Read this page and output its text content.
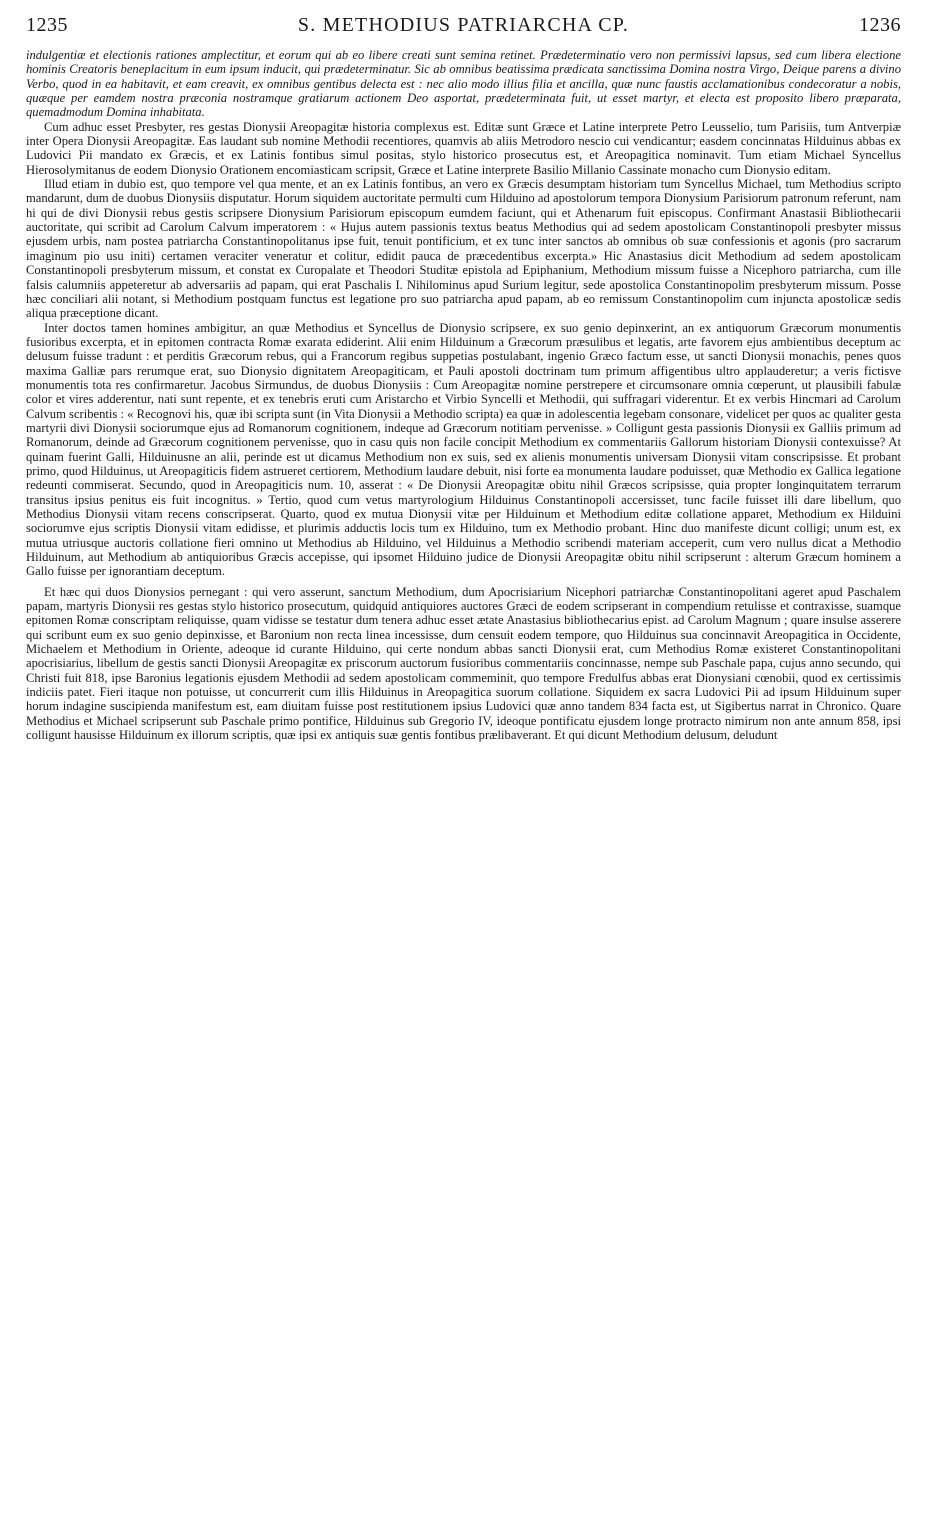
1235	S. METHODIUS PATRIARCHA CP.	1236

indulgentiæ et electionis rationes amplectitur, et eorum qui ab eo libere creati sunt semina retinet. Prædeterminatio vero non permissivi lapsus, sed cum libera electione hominis Creatoris beneplacitum in eum ipsum inducit, qui prædeterminatur. Sic ab omnibus beatissima prædicata sanctissima Domina nostra Virgo, Deique parens a divino Verbo, quod in ea habitavit, et eam creavit, ex omnibus gentibus delecta est : nec alio modo illius filia et ancilla, quæ nunc faustis acclamationibus condecoratur a nobis, quæque per eamdem nostra præconia nostramque gratiarum actionem Deo asportat, prædeterminata fuit, ut esset martyr, et electa est proposito libero præparata, quemadmodum Domina inhabitata.

Cum adhuc esset Presbyter, res gestas Dionysii Areopagitæ historia complexus est. Editæ sunt Græce et Latine interprete Petro Leusselio, tum Parisiis, tum Antverpiæ inter Opera Dionysii Areopagitæ. Eas laudant sub nomine Methodii recentiores, quamvis ab aliis Metrodoro nescio cui vendicantur; easdem concinnatas Hilduinus abbas ex Ludovici Pii mandato ex Græcis, et ex Latinis fontibus simul positas, stylo historico prosecutus est, et Areopagitica nominavit. Tum etiam Michael Syncellus Hierosolymitanus de eodem Dionysio Orationem encomiasticam scripsit, Græce et Latine interprete Basilio Millanio Cassinate monacho cum Dionysio editam.

Illud etiam in dubio est, quo tempore vel qua mente, et an ex Latinis fontibus, an vero ex Græcis desumptam historiam tum Syncellus Michael, tum Methodius scripto mandarunt, dum de duobus Dionysiis disputatur. Horum siquidem auctoritate permulti cum Hilduino ad apostolorum tempora Dionysium Parisiorum patronum referunt, nam hi qui de divi Dionysii rebus gestis scripsere Dionysium Parisiorum episcopum eumdem faciunt, qui et Athenarum fuit episcopus. Confirmant Anastasii Bibliothecarii auctoritate, qui scribit ad Carolum Calvum imperatorem : « Hujus autem passionis textus beatus Methodius qui ad sedem apostolicam Constantinopoli presbyter missus ejusdem urbis, nam postea patriarcha Constantinopolitanus ipse fuit, tenuit pontificium, et ex tunc inter sanctos ab omnibus ob suæ confessionis et agonis (pro sacrarum imaginum pio usu initi) certamen veraciter veneratur et colitur, edidit pauca de præcedentibus excerpta.» Hic Anastasius dicit Methodium ad sedem apostolicam Constantinopoli presbyterum missum, et constat ex Curopalate et Theodori Studitæ epistola ad Epiphanium, Methodium missum fuisse a Nicephoro patriarcha, cum ille falsis calumniis appeteretur ab adversariis ad papam, qui erat Paschalis I. Nihilominus apud Surium legitur, sede apostolica Constantinopolim presbyterum missum. Posse hæc conciliari alii notant, si Methodium postquam functus est legatione pro suo patriarcha apud papam, ab eo remissum Constantinopolim cum injuncta apostolicæ sedis aliqua præceptione dicant.

Inter doctos tamen homines ambigitur, an quæ Methodius et Syncellus de Dionysio scripsere, ex suo genio depinxerint, an ex antiquorum Græcorum monumentis fusioribus excerpta, et in epitomen contracta Romæ exarata ediderint. Alii enim Hilduinum a Græcorum præsulibus et legatis, arte favorem ejus ambientibus deceptum ac delusum fuisse tradunt : et perditis Græcorum rebus, qui a Francorum regibus suppetias postulabant, ingenio Græco factum esse, ut sancti Dionysii monachis, penes quos maxima Galliæ pars rerumque erat, suo Dionysio dignitatem Areopagiticam, et Pauli apostoli doctrinam tum primum affigentibus ultro applauderetur; a veris fictisve monumentis tota res confirmaretur. Jacobus Sirmundus, de duobus Dionysiis : Cum Areopagitæ nomine perstrepere et circumsonare omnia cœperunt, ut plausibili fabulæ color et vires adderentur, nati sunt repente, et ex tenebris eruti cum Aristarcho et Virbio Syncelli et Methodii, qui suffragari viderentur. Et ex verbis Hincmari ad Carolum Calvum scribentis : « Recognovi his, quæ ibi scripta sunt (in Vita Dionysii a Methodio scripta) ea quæ in adolescentia legebam consonare, videlicet per quos ac qualiter gesta martyrii divi Dionysii sociorumque ejus ad Romanorum cognitionem, indeque ad Græcorum notitiam pervenisse. » Colligunt gesta passionis Dionysii ex Galliis primum ad Romanorum, deinde ad Græcorum cognitionem pervenisse, quo in casu quis non facile concipit Methodium ex commentariis Gallorum historiam Dionysii contexuisse? At quinam fuerint Galli, Hilduinusne an alii, perinde est ut dicamus Methodium non ex suis, sed ex alienis monumentis universam Dionysii vitam conscripsisse. Et probant primo, quod Hilduinus, ut Areopagiticis fidem astrueret certiorem, Methodium laudare debuit, nisi forte ea monumenta laudare poduisset, quæ Methodio ex Gallica legatione redeunti commiserat. Secundo, quod in Areopagiticis num. 10, asserat : « De Dionysii Areopagitæ obitu nihil Græcos scripsisse, quia propter longinquitatem terrarum transitus ipsius penitus eis fuit incognitus. » Tertio, quod cum vetus martyrologium Hilduinus Constantinopoli accersisset, tunc facile fuisset illi dare libellum, quo Methodius Dionysii vitam recens conscripserat. Quarto, quod ex mutua Dionysii vitæ per Hilduinum et Methodium editæ collatione apparet, Methodium ex Hilduini sociorumve ejus scriptis Dionysii vitam edidisse, et plurimis adductis locis tum ex Hilduino, tum ex Methodio probant. Hinc duo manifeste dicunt colligi; unum est, ex mutua utriusque auctoris collatione fieri omnino ut Methodius ab Hilduino, vel Hilduinus a Methodio scribendi materiam acceperit, cum vero nullus dicat a Methodio Hilduinum, aut Methodium ab antiquioribus Græcis accepisse, qui ipsomet Hilduino judice de Dionysii Areopagitæ obitu nihil scripserunt : alterum Græcum hominem a Gallo fuisse per ignorantiam deceptum.

Et hæc qui duos Dionysios pernegant : qui vero asserunt, sanctum Methodium, dum Apocrisiarium Nicephori patriarchæ Constantinopolitani ageret apud Paschalem papam, martyris Dionysii res gestas stylo historico prosecutum, quidquid antiquiores auctores Græci de eodem scripserant in compendium retulisse et contraxisse, suamque epitomen Romæ conscriptam reliquisse, quam vidisse se testatur dum tenera adhuc esset ætate Anastasius bibliothecarius epist. ad Carolum Magnum ; quare insulse asserere qui scribunt eum ex suo genio depinxisse, et Baronium non recta linea incessisse, dum censuit eodem tempore, quo Hilduinus sua concinnavit Areopagitica in Occidente, Michaelem et Methodium in Oriente, adeoque id curante Hilduino, qui certe nondum abbas sancti Dionysii erat, cum Methodius Romæ existeret Constantinopolitani apocrisiarius, libellum de gestis sancti Dionysii Areopagitæ ex priscorum auctorum fusioribus commentariis concinnasse, nempe sub Paschale papa, cujus anno secundo, qui Christi fuit 818, ipse Baronius legationis ejusdem Methodii ad sedem apostolicam commeminit, quo tempore Fredulfus abbas erat Dionysiani cœnobii, quod ex certissimis indiciis patet. Fieri itaque non potuisse, ut concurrerit cum illis Hilduinus in Areopagitica suorum collatione. Siquidem ex sacra Ludovici Pii ad ipsum Hilduinum super horum indagine suscipienda manifestum est, eam diuitam fuisse post restitutionem ipsius Ludovici quæ anno tandem 834 facta est, ut Sigibertus narrat in Chronico. Quare Methodius et Michael scripserunt sub Paschale primo pontifice, Hilduinus sub Gregorio IV, ideoque pontificatu ejusdem longe protracto nimirum non ante annum 858, ipsi colligunt hausisse Hilduinum ex illorum scriptis, quæ ipsi ex antiquis suæ gentis fontibus prælibaverant. Et qui dicunt Methodium delusum, deludunt
